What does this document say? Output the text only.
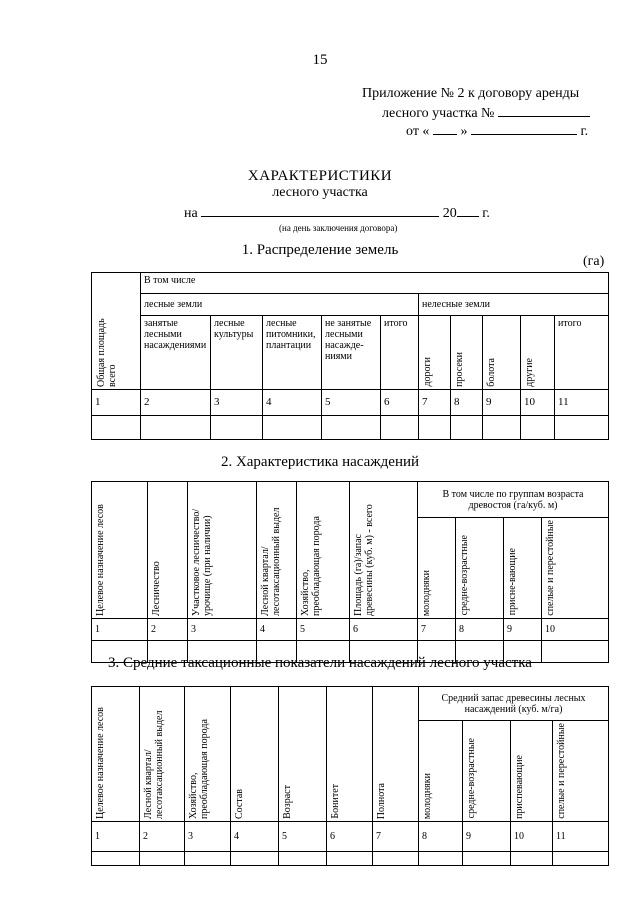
15
Приложение № 2 к договору аренды
лесного участка №
от « »	г.
ХАРАКТЕРИСТИКИ
лесного участка
на	20 г.
(на день заключения договора)
1. Распределение земель
(га)
Общая площадь всего	В том числе									
	лесные земли					нелесные земли				
	занятые лесными насаждениями	лесные культуры	лесные питомники, плантации	не занятые лесными насажде-ниями	итого	дороги	просеки	болота	другие	итого
1	2	3	4	5	6	7	8	9	10	11

2. Характеристика насаждений
Целевое назначение лесов	Лесничество	Участковое лесничество/ урочище (при наличии)	Лесной квартал/ лесотаксационный выдел	Хозяйство, преобладающая порода	Площадь (га)/запас древесины (куб. м) - всего	В том числе по группам возраста древостоя (га/куб. м)			

						молодняки	средне-возрастные	присне-вающие	спелые и перестойные

1	2	3	4	5	6	7	8	9	10

3. Средние таксационные показатели насаждений лесного участка
Целевое назначение лесов	Лесной квартал/ лесотаксационный выдел	Хозяйство, преобладающая порода	Состав	Возраст	Бонитет	Полнота	Средний запас древесины лесных насаждений (куб. м/га)			

							молодняки	средне-возрастные	приспевающие	спелые и перестойные

1	2	3	4	5	6	7	8	9	10	11
